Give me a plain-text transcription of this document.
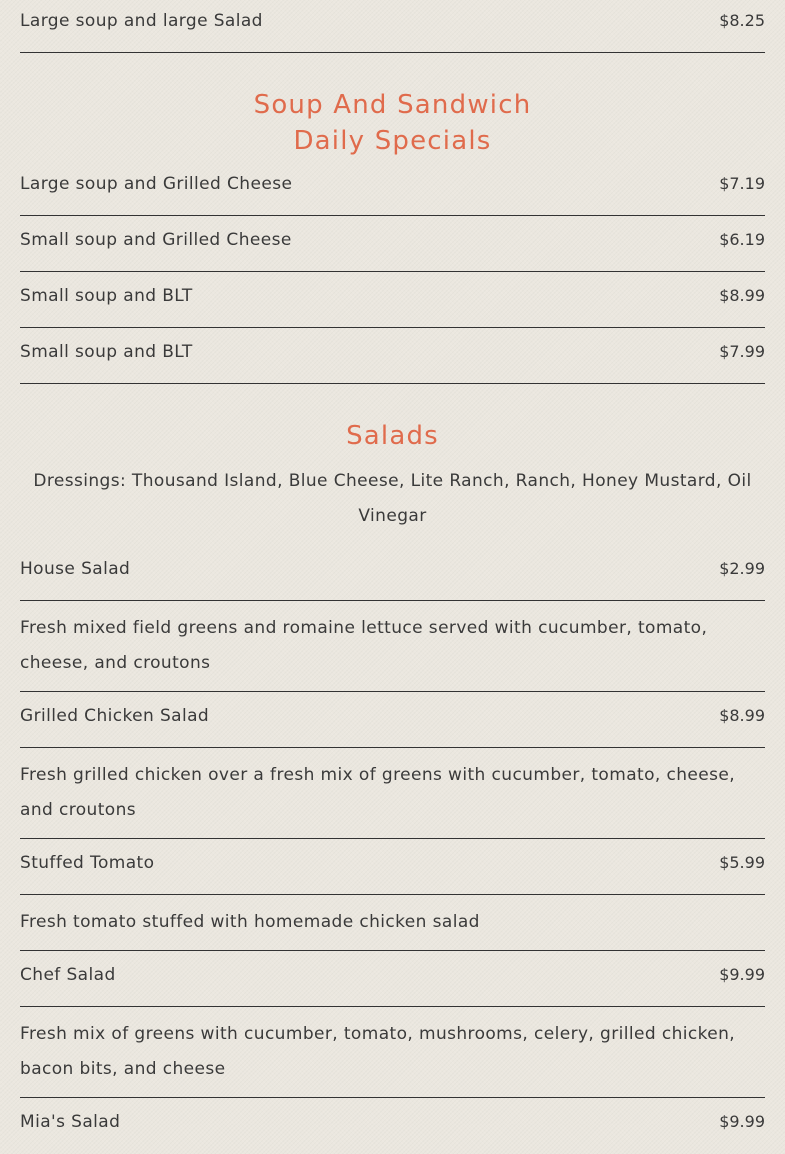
Large soup and large Salad	$8.25
Soup And Sandwich
Daily Specials
Large soup and Grilled Cheese	$7.19
Small soup and Grilled Cheese	$6.19
Small soup and BLT	$8.99
Small soup and BLT	$7.99
Salads
Dressings: Thousand Island, Blue Cheese, Lite Ranch, Ranch, Honey Mustard, Oil Vinegar
House Salad	$2.99
Fresh mixed field greens and romaine lettuce served with cucumber, tomato, cheese, and croutons
Grilled Chicken Salad	$8.99
Fresh grilled chicken over a fresh mix of greens with cucumber, tomato, cheese, and croutons
Stuffed Tomato	$5.99
Fresh tomato stuffed with homemade chicken salad
Chef Salad	$9.99
Fresh mix of greens with cucumber, tomato, mushrooms, celery, grilled chicken, bacon bits, and cheese
Mia's Salad	$9.99
